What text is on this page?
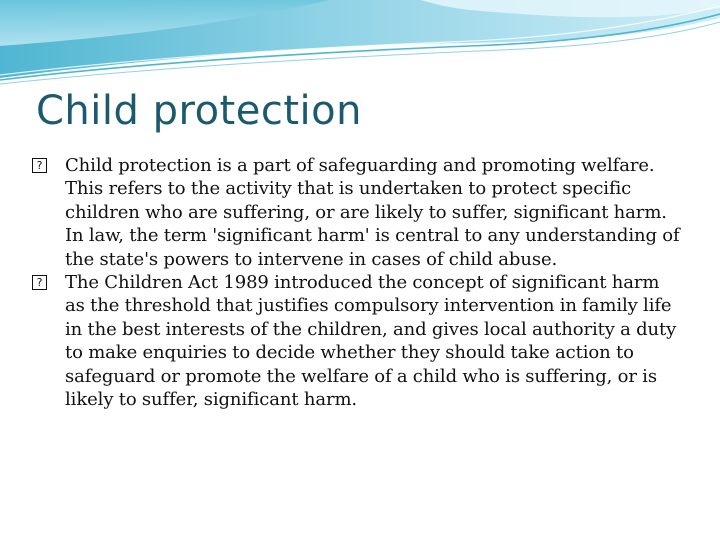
Child protection
? Child protection is a part of safeguarding and promoting welfare. This refers to the activity that is undertaken to protect specific children who are suffering, or are likely to suffer, significant harm. In law, the term 'significant harm' is central to any understanding of the state's powers to intervene in cases of child abuse.
? The Children Act 1989 introduced the concept of significant harm as the threshold that justifies compulsory intervention in family life in the best interests of the children, and gives local authority a duty to make enquiries to decide whether they should take action to safeguard or promote the welfare of a child who is suffering, or is likely to suffer, significant harm.
